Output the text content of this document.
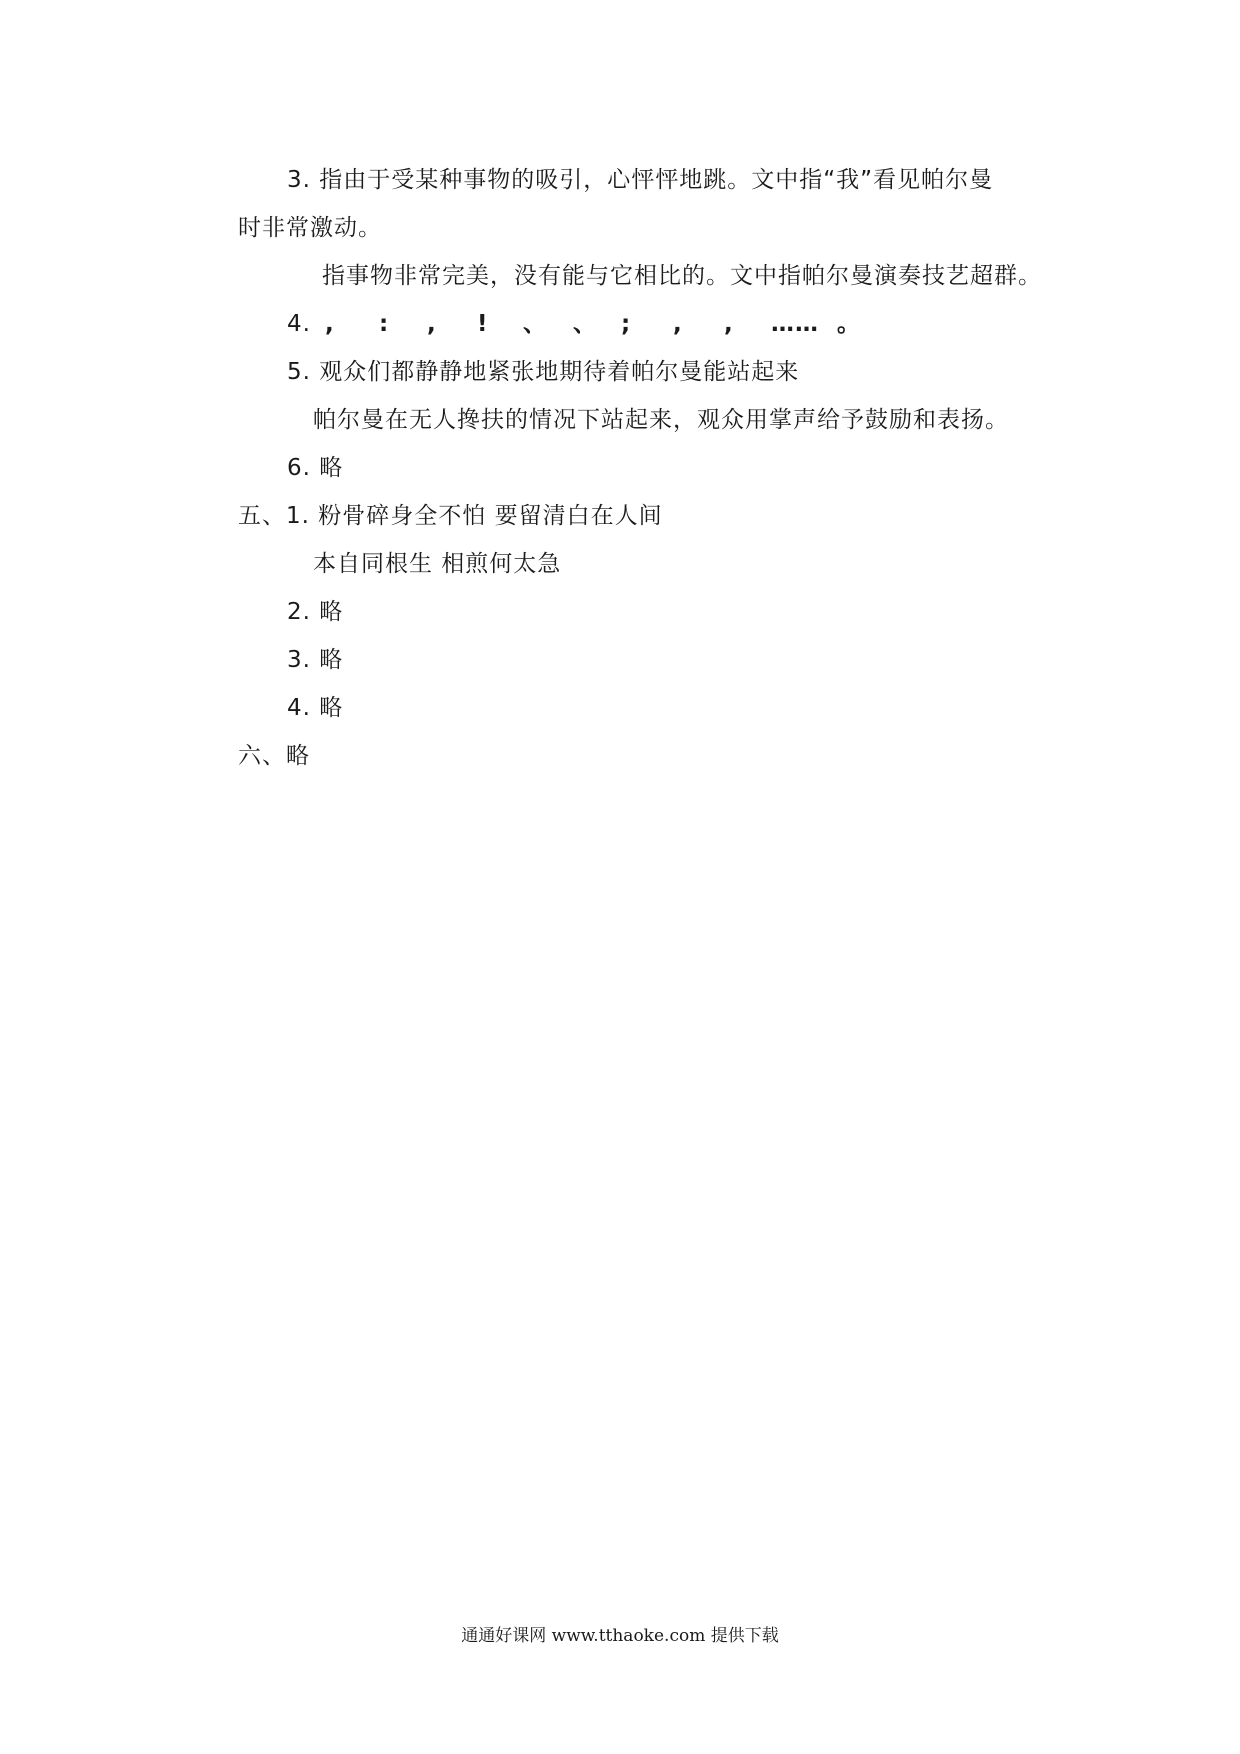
3. 指由于受某种事物的吸引，心怦怦地跳。文中指“我”看见帕尔曼
时非常激动。
指事物非常完美，没有能与它相比的。文中指帕尔曼演奏技艺超群。
4. , : , ! 、 、 ; , , …… 。
5. 观众们都静静地紧张地期待着帕尔曼能站起来
帕尔曼在无人搀扶的情况下站起来，观众用掌声给予鼓励和表扬。
6. 略
五、1. 粉骨碎身全不怕 要留清白在人间
本自同根生 相煎何太急
2. 略
3. 略
4. 略
六、略
通通好课网 www.tthaoke.com 提供下载
